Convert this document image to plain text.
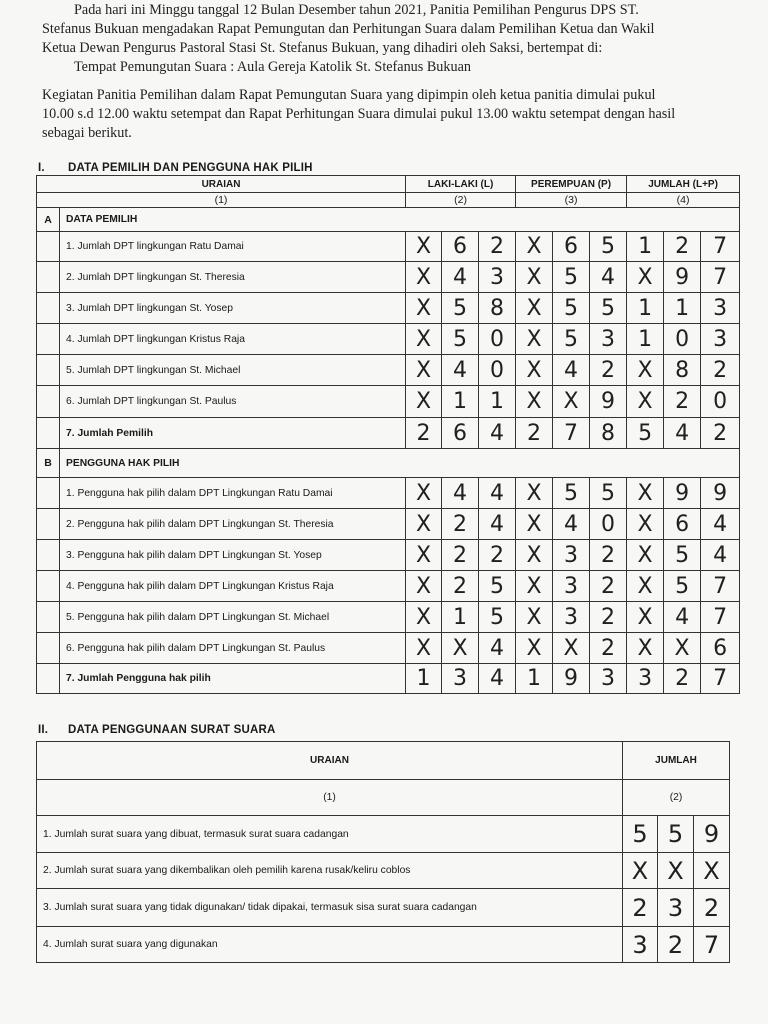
Pada hari ini Minggu tanggal 12 Bulan Desember tahun 2021, Panitia Pemilihan Pengurus DPS ST.
Stefanus Bukuan mengadakan Rapat Pemungutan dan Perhitungan Suara dalam Pemilihan Ketua dan Wakil
Ketua Dewan Pengurus Pastoral Stasi St. Stefanus Bukuan, yang dihadiri oleh Saksi, bertempat di:
Tempat Pemungutan Suara : Aula Gereja Katolik St. Stefanus Bukuan
Kegiatan Panitia Pemilihan dalam Rapat Pemungutan Suara yang dipimpin oleh ketua panitia dimulai pukul
10.00 s.d 12.00 waktu setempat dan Rapat Perhitungan Suara dimulai pukul 13.00 waktu setempat dengan hasil
sebagai berikut.
I. DATA PEMILIH DAN PENGGUNA HAK PILIH
URAIAN		LAKI-LAKI (L)			PEREMPUAN (P)			JUMLAH (L+P)		
(1)		(2)			(3)			(4)		
A	DATA PEMILIH									
	1. Jumlah DPT lingkungan Ratu Damai	X	6	2	X	6	5	1	2	7
	2. Jumlah DPT lingkungan St. Theresia	X	4	3	X	5	4	X	9	7
	3. Jumlah DPT lingkungan St. Yosep	X	5	8	X	5	5	1	1	3
	4. Jumlah DPT lingkungan Kristus Raja	X	5	0	X	5	3	1	0	3
	5. Jumlah DPT lingkungan St. Michael	X	4	0	X	4	2	X	8	2
	6. Jumlah DPT lingkungan St. Paulus	X	1	1	X	X	9	X	2	0
	7. Jumlah Pemilih	2	6	4	2	7	8	5	4	2
B	PENGGUNA HAK PILIH									
	1. Pengguna hak pilih dalam DPT Lingkungan Ratu Damai	X	4	4	X	5	5	X	9	9
	2. Pengguna hak pilih dalam DPT Lingkungan St. Theresia	X	2	4	X	4	0	X	6	4
	3. Pengguna hak pilih dalam DPT Lingkungan St. Yosep	X	2	2	X	3	2	X	5	4
	4. Pengguna hak pilih dalam DPT Lingkungan Kristus Raja	X	2	5	X	3	2	X	5	7
	5. Pengguna hak pilih dalam DPT Lingkungan St. Michael	X	1	5	X	3	2	X	4	7
	6. Pengguna hak pilih dalam DPT Lingkungan St. Paulus	X	X	4	X	X	2	X	X	6
	7. Jumlah Pengguna hak pilih	1	3	4	1	9	3	3	2	7
II. DATA PENGGUNAAN SURAT SUARA
URAIAN	JUMLAH		
(1)	(2)		
1. Jumlah surat suara yang dibuat, termasuk surat suara cadangan	5	5	9
2. Jumlah surat suara yang dikembalikan oleh pemilih karena rusak/keliru coblos	X	X	X
3. Jumlah surat suara yang tidak digunakan/ tidak dipakai, termasuk sisa surat suara cadangan	2	3	2
4. Jumlah surat suara yang digunakan	3	2	7
